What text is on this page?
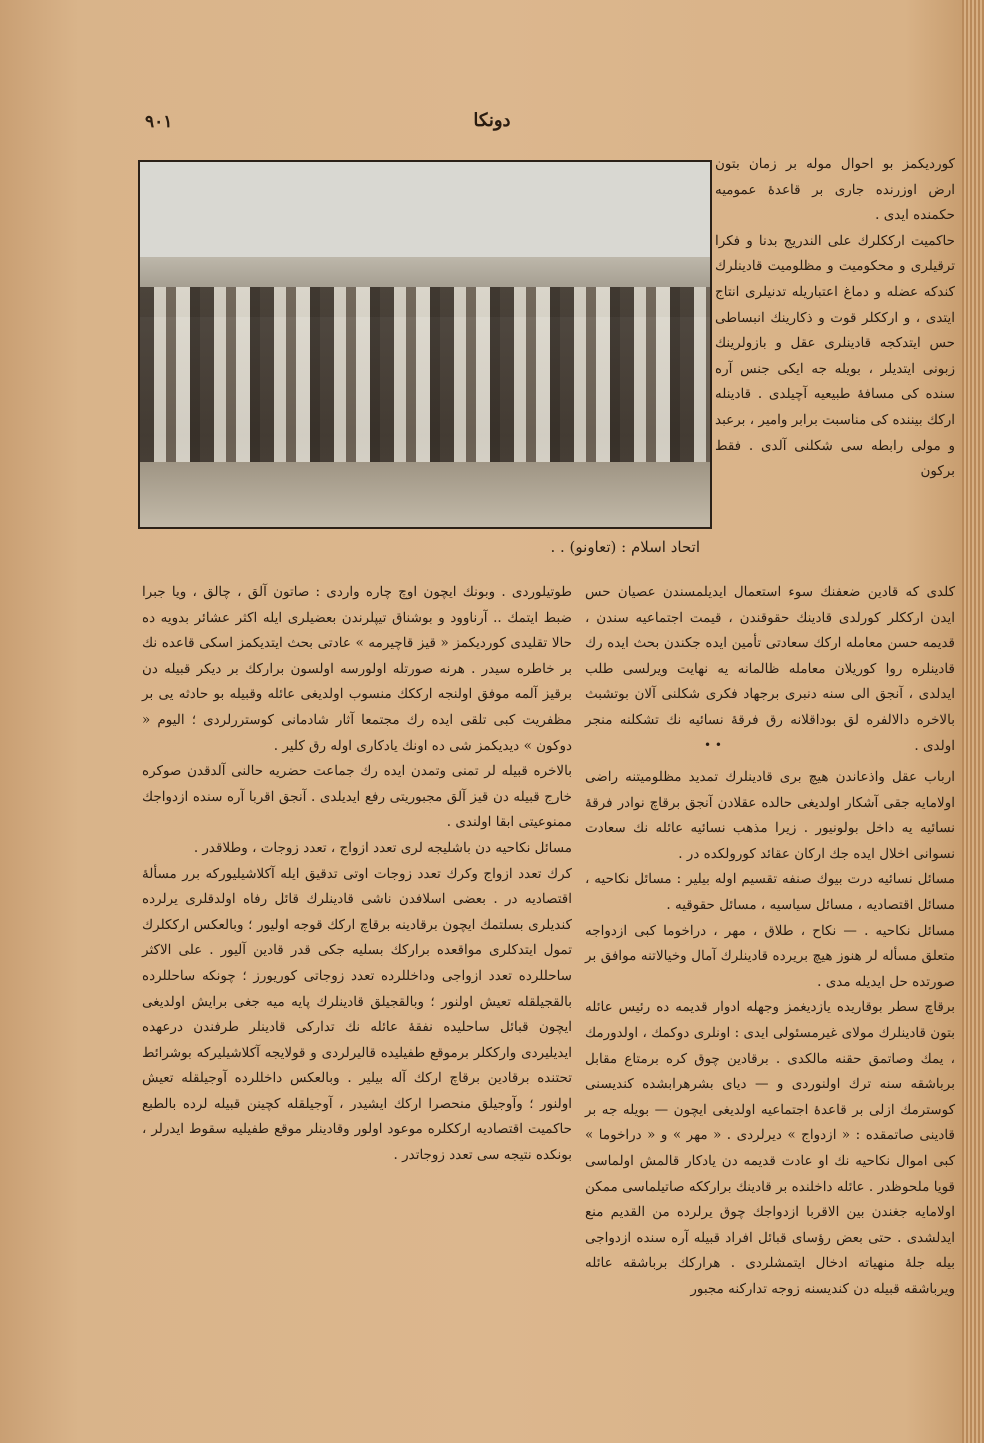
٩٠١	دونكا
اتحاد اسلام : (تعاونو) . .

کوردیکمز بو احوال موله بر زمان بتون ارض اوزرنده جاری بر قاعدهٔ عمومیه حکمنده ایدی .

حاکمیت ارککلرك علی الندریج بدنا و فکرا ترقیلری و محکومیت و مظلومیت قادینلرك کندکه عضله و دماغ اعتباریله تدنیلری انتاج ایتدی ، و ارککلر قوت و ذکارینك انبساطی حس ایتدکجه قادینلری عقل و بازولرینك زبونی ایتدیلر ، بویله جه ایکی جنس آره سنده کی مسافهٔ طبیعیه آچیلدی . قادینله ارکك بیننده کی مناسبت برابر وامیر ، برعبد و مولی رابطه سی شکلنی آلدی . فقط برکون

کلدی که قادین ضعفنك سوء استعمال ایدیلمسندن عصیان حس ایدن ارککلر کورلدی قادینك حقوقندن ، قیمت اجتماعیه سندن ، قدیمه حسن معامله ارکك سعادتی تأمین ایده جکندن بحث ایده رك قادینلره روا کوریلان معامله ظالمانه یه نهایت ویرلسی طلب ایدلدی ، آنجق الی سنه دنبری برجهاد فکری شکلنی آلان بوتشبث بالاخره دالالفره لق بوداقلانه رق فرقهٔ نسائیه نك تشکلنه منجر اولدی .

• •

ارباب عقل واذعاندن هیچ بری قادینلرك تمدید مظلومیتنه راضی اولامایه جقی آشکار اولدیغی حالده عقلادن آنجق برقاچ نوادر فرقهٔ نسائیه یه داخل بولونیور . زیرا مذهب نسائیه عائله نك سعادت نسوانی اخلال ایده جك ارکان عقائد کورولکده در .

مسائل نسائیه درت بیوك صنفه تقسیم اوله بیلیر : مسائل نکاحیه ، مسائل اقتصادیه ، مسائل سیاسیه ، مسائل حقوقیه .

مسائل نکاحیه . — نکاح ، طلاق ، مهر ، دراخوما کبی ازدواجه متعلق مسأله لر هنوز هیچ بریرده قادینلرك آمال وخیالاتنه موافق بر صورتده حل ایدیله مدی .

برقاچ سطر بوقاریده یازدیغمز وجهله ادوار قدیمه ده رئیس عائله بتون قادینلرك مولای غیرمسئولی ایدی : اونلری دوکمك ، اولدورمك ، یمك وصاتمق حقنه مالکدی . برقادین چوق کره برمتاع مقابل برباشقه سنه ترك اولنوردی و — دیای بشرهرابشده کندیسنی کوسترمك ازلی بر قاعدهٔ اجتماعیه اولدیغی ایچون — بویله جه بر قادینی صاتمقده : « ازدواج » دیرلردی . « مهر » و « دراخوما » کبی اموال نکاحیه نك او عادت قدیمه دن یادکار قالمش اولماسی قویا ملحوظدر . عائله داخلنده بر قادینك برارککه صاتیلماسی ممکن اولامایه جغندن بین الاقربا ازدواجك چوق یرلرده من القدیم منع ایدلشدی . حتی بعض رؤسای قبائل افراد قبیله آره سنده ازدواجی بیله جلهٔ منهیاته ادخال ایتمشلردی . هرارکك برباشقه عائله ویرباشقه قبیله دن کندیسنه زوجه تدارکنه مجبور

طوتیلوردی . وبونك ایچون اوچ چاره واردی : صاتون آلق ، چالق ، ویا جبرا ضبط ایتمك .. آرناوود و بوشناق تیپلرندن بعضیلری ایله اکثر عشائر بدویه ده حالا تقلیدی کوردیکمز « قیز قاچیرمه » عادتی بحث ایتدیکمز اسکی قاعده نك بر خاطره سیدر . هرنه صورتله اولورسه اولسون برارکك بر دیکر قبیله دن برقیز آلمه موفق اولنجه ارککك منسوب اولدیغی عائله وقبیله بو حادثه یی بر مظفریت کبی تلقی ایده رك مجتمعا آثار شادمانی کوستررلردی ؛ الیوم « دوکون » دیدیکمز شی ده اونك یادکاری اوله رق کلیر .

بالاخره قبیله لر تمنی وتمدن ایده رك جماعت حضریه حالنی آلدقدن صوکره خارج قبیله دن قیز آلق مجبوریتی رفع ایدیلدی . آنجق اقربا آره سنده ازدواجك ممنوعیتی ابقا اولندی .

مسائل نکاحیه دن باشلیجه لری تعدد ازواج ، تعدد زوجات ، وطلاقدر .

کرك تعدد ازواج وکرك تعدد زوجات اوتی تدقیق ایله آکلاشیلیورکه برر مسألهٔ اقتصادیه در . بعضی اسلافدن ناشی قادینلرك قائل رفاه اولدقلری یرلرده کندیلری بسلتمك ایچون برقادینه برقاچ ارکك قوجه اولیور ؛ وبالعکس ارککلرك تمول ایتدکلری مواقعده برارکك بسلیه جکی قدر قادین آلیور . علی الاکثر ساحللرده تعدد ازواجی وداخللرده تعدد زوجاتی کوریورز ؛ چونکه ساحللرده بالقجیلقله تعیش اولنور ؛ وبالقجیلق قادینلرك پایه میه جغی برایش اولدیغی ایچون قبائل ساحلیده نفقهٔ عائله نك تدارکی قادینلر طرفندن درعهده ایدیلیردی وارککلر برموقع طفیلیده قالیرلردی و قولایجه آکلاشیلیرکه بوشرائط تحتنده برقادین برقاچ ارکك آله بیلیر . وبالعکس داخللرده آوجیلقله تعیش اولنور ؛ وآوجیلق منحصرا ارکك ایشیدر ، آوجیلقله کچینن قبیله لرده بالطبع حاکمیت اقتصادیه ارککلره موعود اولور وقادینلر موقع طفیلیه سقوط ایدرلر ، بونکده نتیجه سی تعدد زوجاتدر .
